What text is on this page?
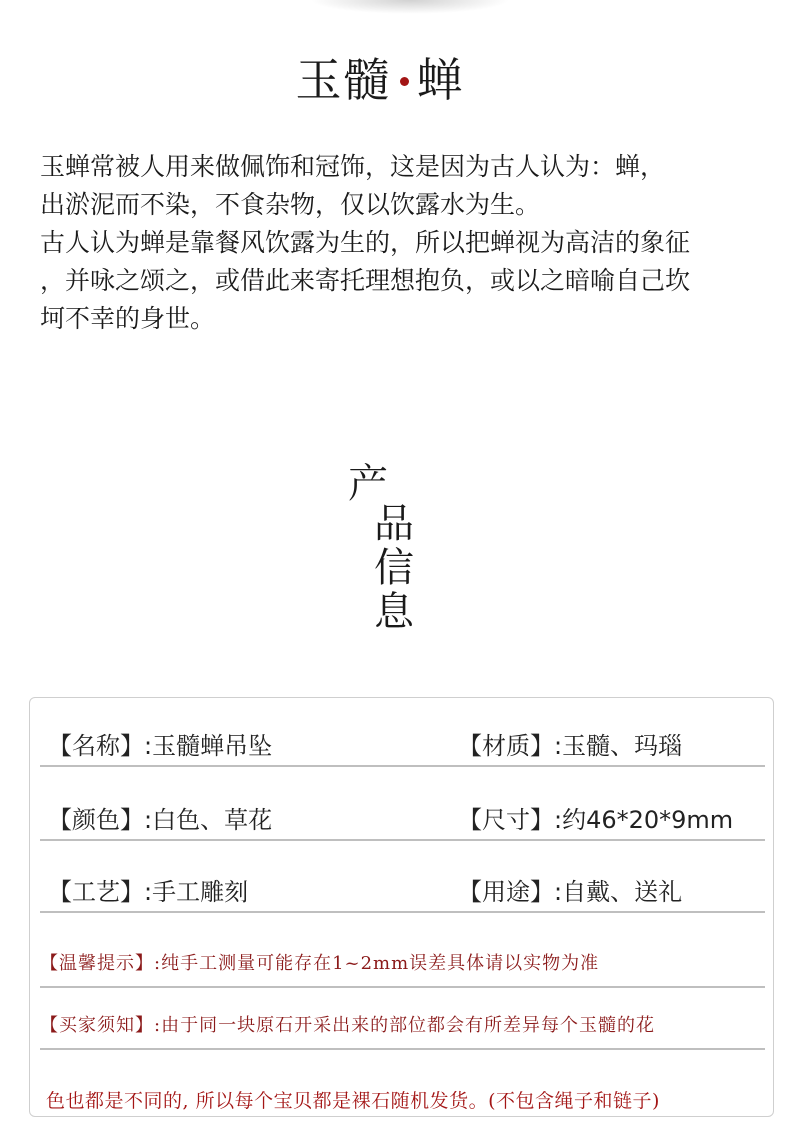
玉髓 蝉

玉蝉常被人用来做佩饰和冠饰，这是因为古人认为：蝉，

出淤泥而不染，不食杂物，仅以饮露水为生。

古人认为蝉是靠餐风饮露为生的，所以把蝉视为高洁的象征

，并咏之颂之，或借此来寄托理想抱负，或以之暗喻自己坎

坷不幸的身世。

产
品
信
息
【名称】:玉髓蝉吊坠	【材质】:玉髓、玛瑙
【颜色】:白色、草花	【尺寸】:约46*20*9mm
【工艺】:手工雕刻	【用途】:自戴、送礼
【温馨提示】:纯手工测量可能存在1~2mm误差具体请以实物为准
【买家须知】:由于同一块原石开采出来的部位都会有所差异每个玉髓的花
色也都是不同的, 所以每个宝贝都是裸石随机发货。(不包含绳子和链子)
